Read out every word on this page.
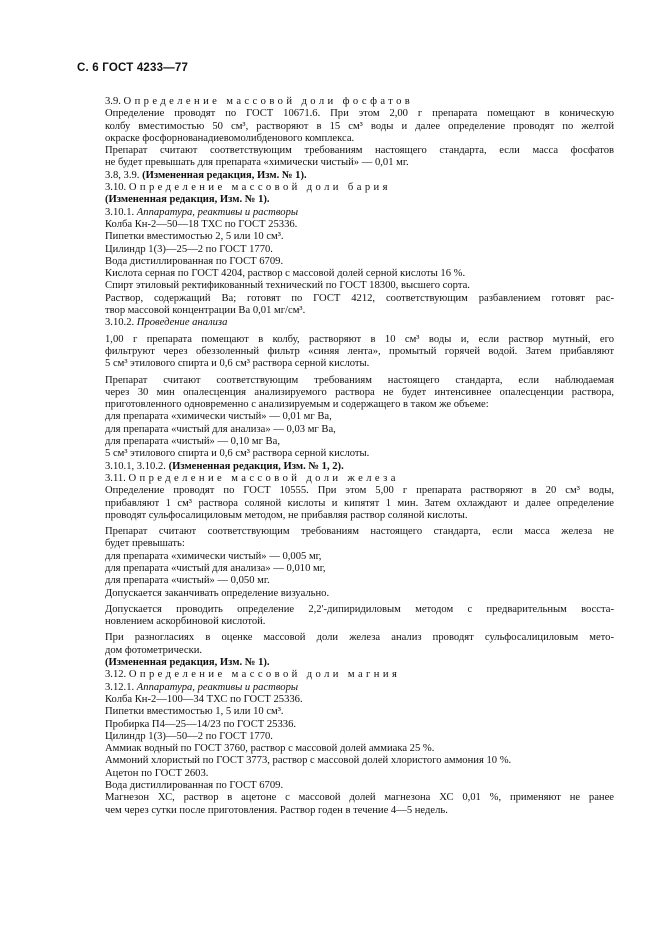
С. 6 ГОСТ 4233—77

3.9. Определение массовой доли фосфатов

Определение проводят по ГОСТ 10671.6. При этом 2,00 г препарата помещают в коническую
колбу вместимостью 50 см³, растворяют в 15 см³ воды и далее определение проводят по желтой
окраске фосфорнованадиевомолибденового комплекса.

Препарат считают соответствующим требованиям настоящего стандарта, если масса фосфатов
не будет превышать для препарата «химически чистый» — 0,01 мг.

3.8, 3.9. (Измененная редакция, Изм. № 1).

3.10. Определение массовой доли бария

(Измененная редакция, Изм. № 1).

3.10.1. Аппаратура, реактивы и растворы

Колба Кн-2—50—18 ТХС по ГОСТ 25336.

Пипетки вместимостью 2, 5 или 10 см³.

Цилиндр 1(3)—25—2 по ГОСТ 1770.

Вода дистиллированная по ГОСТ 6709.

Кислота серная по ГОСТ 4204, раствор с массовой долей серной кислоты 16 %.

Спирт этиловый ректификованный технический по ГОСТ 18300, высшего сорта.

Раствор, содержащий Ва; готовят по ГОСТ 4212, соответствующим разбавлением готовят рас-
твор массовой концентрации Ва 0,01 мг/см³.

3.10.2. Проведение анализа

1,00 г препарата помещают в колбу, растворяют в 10 см³ воды и, если раствор мутный, его
фильтруют через обеззоленный фильтр «синяя лента», промытый горячей водой. Затем прибавляют
5 см³ этилового спирта и 0,6 см³ раствора серной кислоты.

Препарат считают соответствующим требованиям настоящего стандарта, если наблюдаемая
через 30 мин опалесценция анализируемого раствора не будет интенсивнее опалесценции раствора,
приготовленного одновременно с анализируемым и содержащего в таком же объеме:

для препарата «химически чистый» — 0,01 мг Ва,

для препарата «чистый для анализа» — 0,03 мг Ва,

для препарата «чистый» — 0,10 мг Ва,

5 см³ этилового спирта и 0,6 см³ раствора серной кислоты.

3.10.1, 3.10.2. (Измененная редакция, Изм. № 1, 2).

3.11. Определение массовой доли железа

Определение проводят по ГОСТ 10555. При этом 5,00 г препарата растворяют в 20 см³ воды,
прибавляют 1 см³ раствора соляной кислоты и кипятят 1 мин. Затем охлаждают и далее определение
проводят сульфосалициловым методом, не прибавляя раствор соляной кислоты.

Препарат считают соответствующим требованиям настоящего стандарта, если масса железа не
будет превышать:

для препарата «химически чистый» — 0,005 мг,

для препарата «чистый для анализа» — 0,010 мг,

для препарата «чистый» — 0,050 мг.

Допускается заканчивать определение визуально.

Допускается проводить определение 2,2'-дипиридиловым методом с предварительным восста-
новлением аскорбиновой кислотой.

При разногласиях в оценке массовой доли железа анализ проводят сульфосалициловым мето-
дом фотометрически.

(Измененная редакция, Изм. № 1).

3.12. Определение массовой доли магния

3.12.1. Аппаратура, реактивы и растворы

Колба Кн-2—100—34 ТХС по ГОСТ 25336.

Пипетки вместимостью 1, 5 или 10 см³.

Пробирка П4—25—14/23 по ГОСТ 25336.

Цилиндр 1(3)—50—2 по ГОСТ 1770.

Аммиак водный по ГОСТ 3760, раствор с массовой долей аммиака 25 %.

Аммоний хлористый по ГОСТ 3773, раствор с массовой долей хлористого аммония 10 %.

Ацетон по ГОСТ 2603.

Вода дистиллированная по ГОСТ 6709.

Магнезон ХС, раствор в ацетоне с массовой долей магнезона ХС 0,01 %, применяют не ранее
чем через сутки после приготовления. Раствор годен в течение 4—5 недель.
